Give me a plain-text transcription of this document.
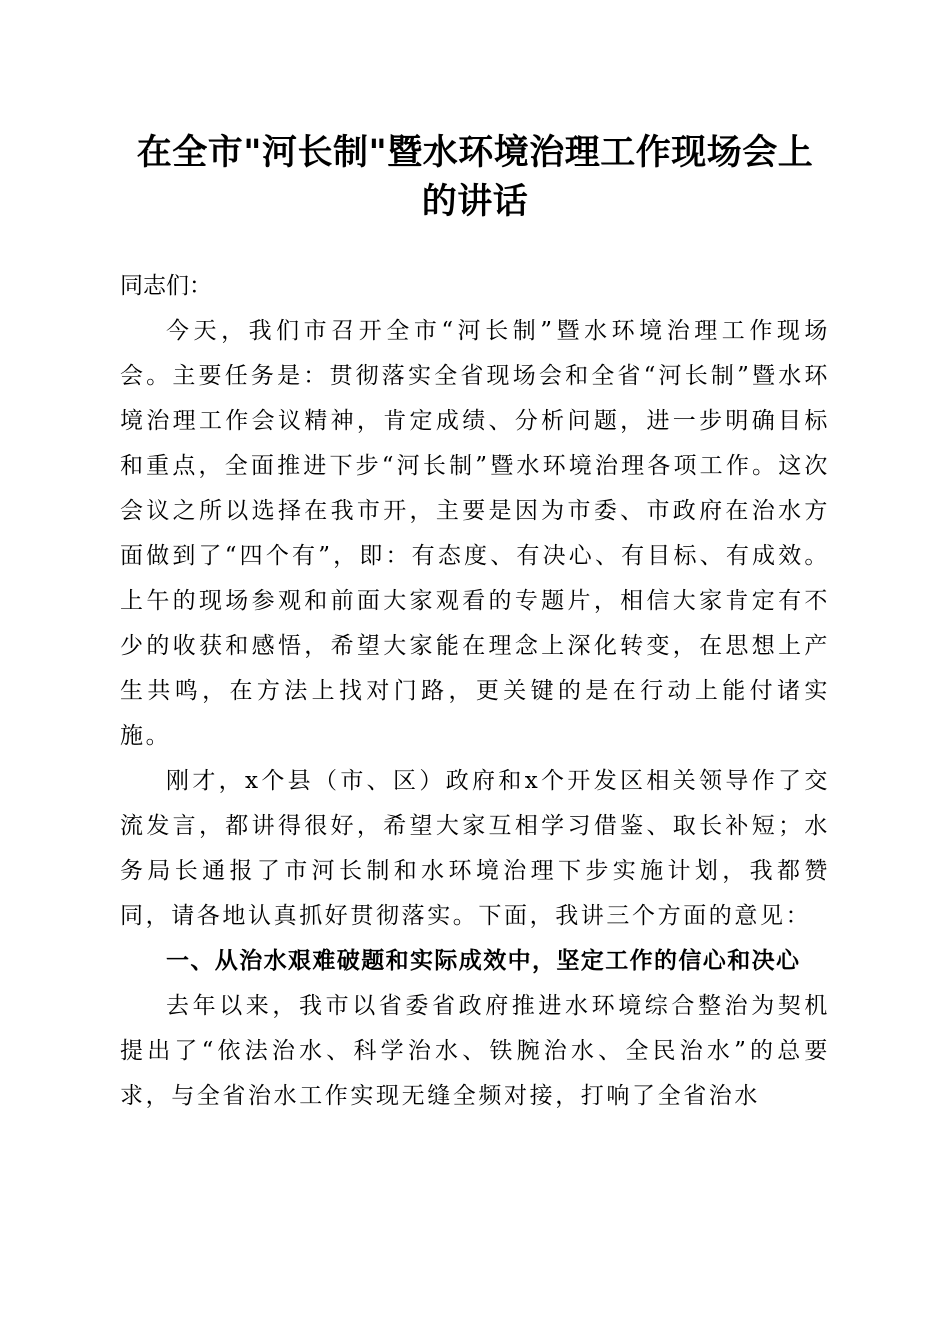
在全市"河长制"暨水环境治理工作现场会上的讲话

同志们：

今天，我们市召开全市“河长制”暨水环境治理工作现场会。主要任务是：贯彻落实全省现场会和全省“河长制”暨水环境治理工作会议精神，肯定成绩、分析问题，进一步明确目标和重点，全面推进下步“河长制”暨水环境治理各项工作。这次会议之所以选择在我市开，主要是因为市委、市政府在治水方面做到了“四个有”，即：有态度、有决心、有目标、有成效。上午的现场参观和前面大家观看的专题片，相信大家肯定有不少的收获和感悟，希望大家能在理念上深化转变，在思想上产生共鸣，在方法上找对门路，更关键的是在行动上能付诸实施。

刚才，x个县（市、区）政府和x个开发区相关领导作了交流发言，都讲得很好，希望大家互相学习借鉴、取长补短；水务局长通报了市河长制和水环境治理下步实施计划，我都赞同，请各地认真抓好贯彻落实。下面，我讲三个方面的意见：

一、从治水艰难破题和实际成效中，坚定工作的信心和决心

去年以来，我市以省委省政府推进水环境综合整治为契机提出了“依法治水、科学治水、铁腕治水、全民治水”的总要求，与全省治水工作实现无缝全频对接，打响了全省治水
